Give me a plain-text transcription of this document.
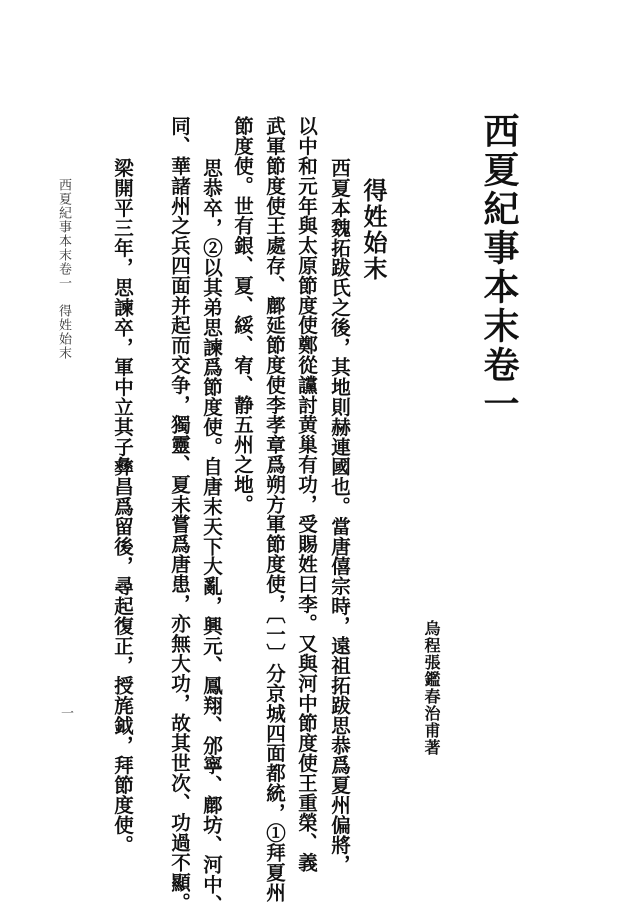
西夏紀事本末卷一
烏程張鑑春治甫著
得姓始末
西夏本魏拓跋氏之後，其地則赫連國也。當唐僖宗時，遠祖拓跋思恭爲夏州偏將，
以中和元年與太原節度使鄭從讜討黄巢有功，受賜姓曰李。又與河中節度使王重榮、義
武軍節度使王處存、鄜延節度使李孝章爲朔方軍節度使，〔一〕分京城四面都統，①拜夏州
節度使。世有銀、夏、綏、宥、静五州之地。
思恭卒，②以其弟思諫爲節度使。自唐末天下大亂，興元、鳳翔、邠寧、鄜坊、河中、
同、華諸州之兵四面并起而交争，獨靈、夏未嘗爲唐患，亦無大功，故其世次、功過不顯。
梁開平三年，思諫卒，軍中立其子彝昌爲留後，尋起復正，授旄鉞，拜節度使。
西夏紀事本末卷一　得姓始末
一
